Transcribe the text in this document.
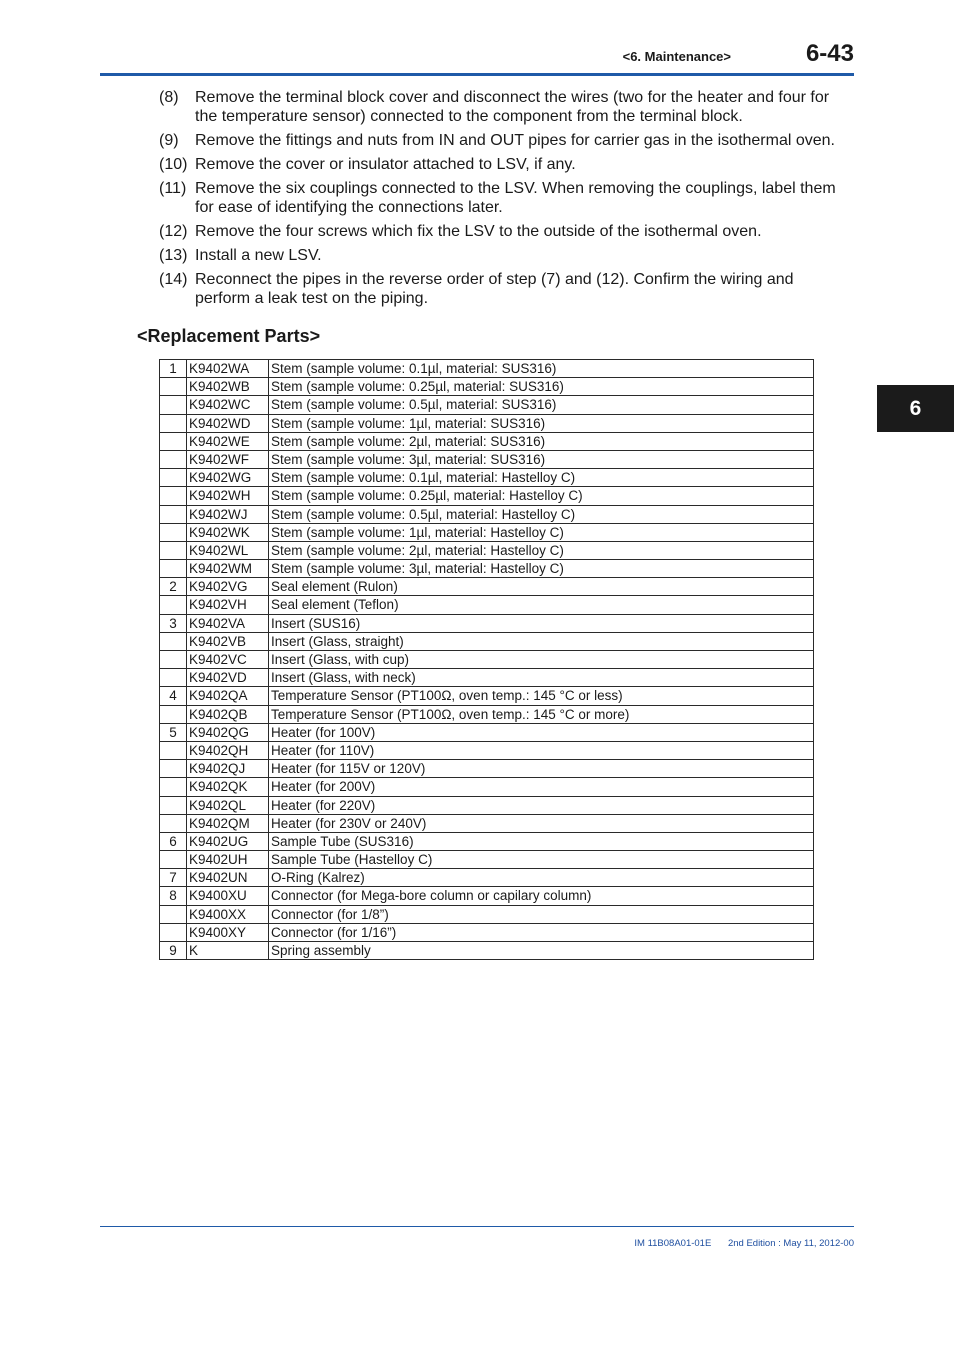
<6. Maintenance>	6-43
6
(8) Remove the terminal block cover and disconnect the wires (two for the heater and four for the temperature sensor) connected to the component from the terminal block.
(9) Remove the fittings and nuts from IN and OUT pipes for carrier gas in the isothermal oven.
(10) Remove the cover or insulator attached to LSV, if any.
(11) Remove the six couplings connected to the LSV. When removing the couplings, label them for ease of identifying the connections later.
(12) Remove the four screws which fix the LSV to the outside of the isothermal oven.
(13) Install a new LSV.
(14) Reconnect the pipes in the reverse order of step (7) and (12). Confirm the wiring and perform a leak test on the piping.
<Replacement Parts>
1	K9402WA	Stem (sample volume: 0.1µl, material: SUS316)
	K9402WB	Stem (sample volume: 0.25µl, material: SUS316)
	K9402WC	Stem (sample volume: 0.5µl, material: SUS316)
	K9402WD	Stem (sample volume: 1µl, material: SUS316)
	K9402WE	Stem (sample volume: 2µl, material: SUS316)
	K9402WF	Stem (sample volume: 3µl, material: SUS316)
	K9402WG	Stem (sample volume: 0.1µl, material: Hastelloy C)
	K9402WH	Stem (sample volume: 0.25µl, material: Hastelloy C)
	K9402WJ	Stem (sample volume: 0.5µl, material: Hastelloy C)
	K9402WK	Stem (sample volume: 1µl, material: Hastelloy C)
	K9402WL	Stem (sample volume: 2µl, material: Hastelloy C)
	K9402WM	Stem (sample volume: 3µl, material: Hastelloy C)
2	K9402VG	Seal element (Rulon)
	K9402VH	Seal element (Teflon)
3	K9402VA	Insert (SUS16)
	K9402VB	Insert (Glass, straight)
	K9402VC	Insert (Glass, with cup)
	K9402VD	Insert (Glass, with neck)
4	K9402QA	Temperature Sensor (PT100Ω, oven temp.: 145 °C or less)
	K9402QB	Temperature Sensor (PT100Ω, oven temp.: 145 °C or more)
5	K9402QG	Heater (for 100V)
	K9402QH	Heater (for 110V)
	K9402QJ	Heater (for 115V or 120V)
	K9402QK	Heater (for 200V)
	K9402QL	Heater (for 220V)
	K9402QM	Heater (for 230V or 240V)
6	K9402UG	Sample Tube (SUS316)
	K9402UH	Sample Tube (Hastelloy C)
7	K9402UN	O-Ring (Kalrez)
8	K9400XU	Connector (for Mega-bore column or capilary column)
	K9400XX	Connector (for 1/8”)
	K9400XY	Connector (for 1/16”)
9	K	Spring assembly
IM 11B08A01-01E 2nd Edition : May 11, 2012-00
